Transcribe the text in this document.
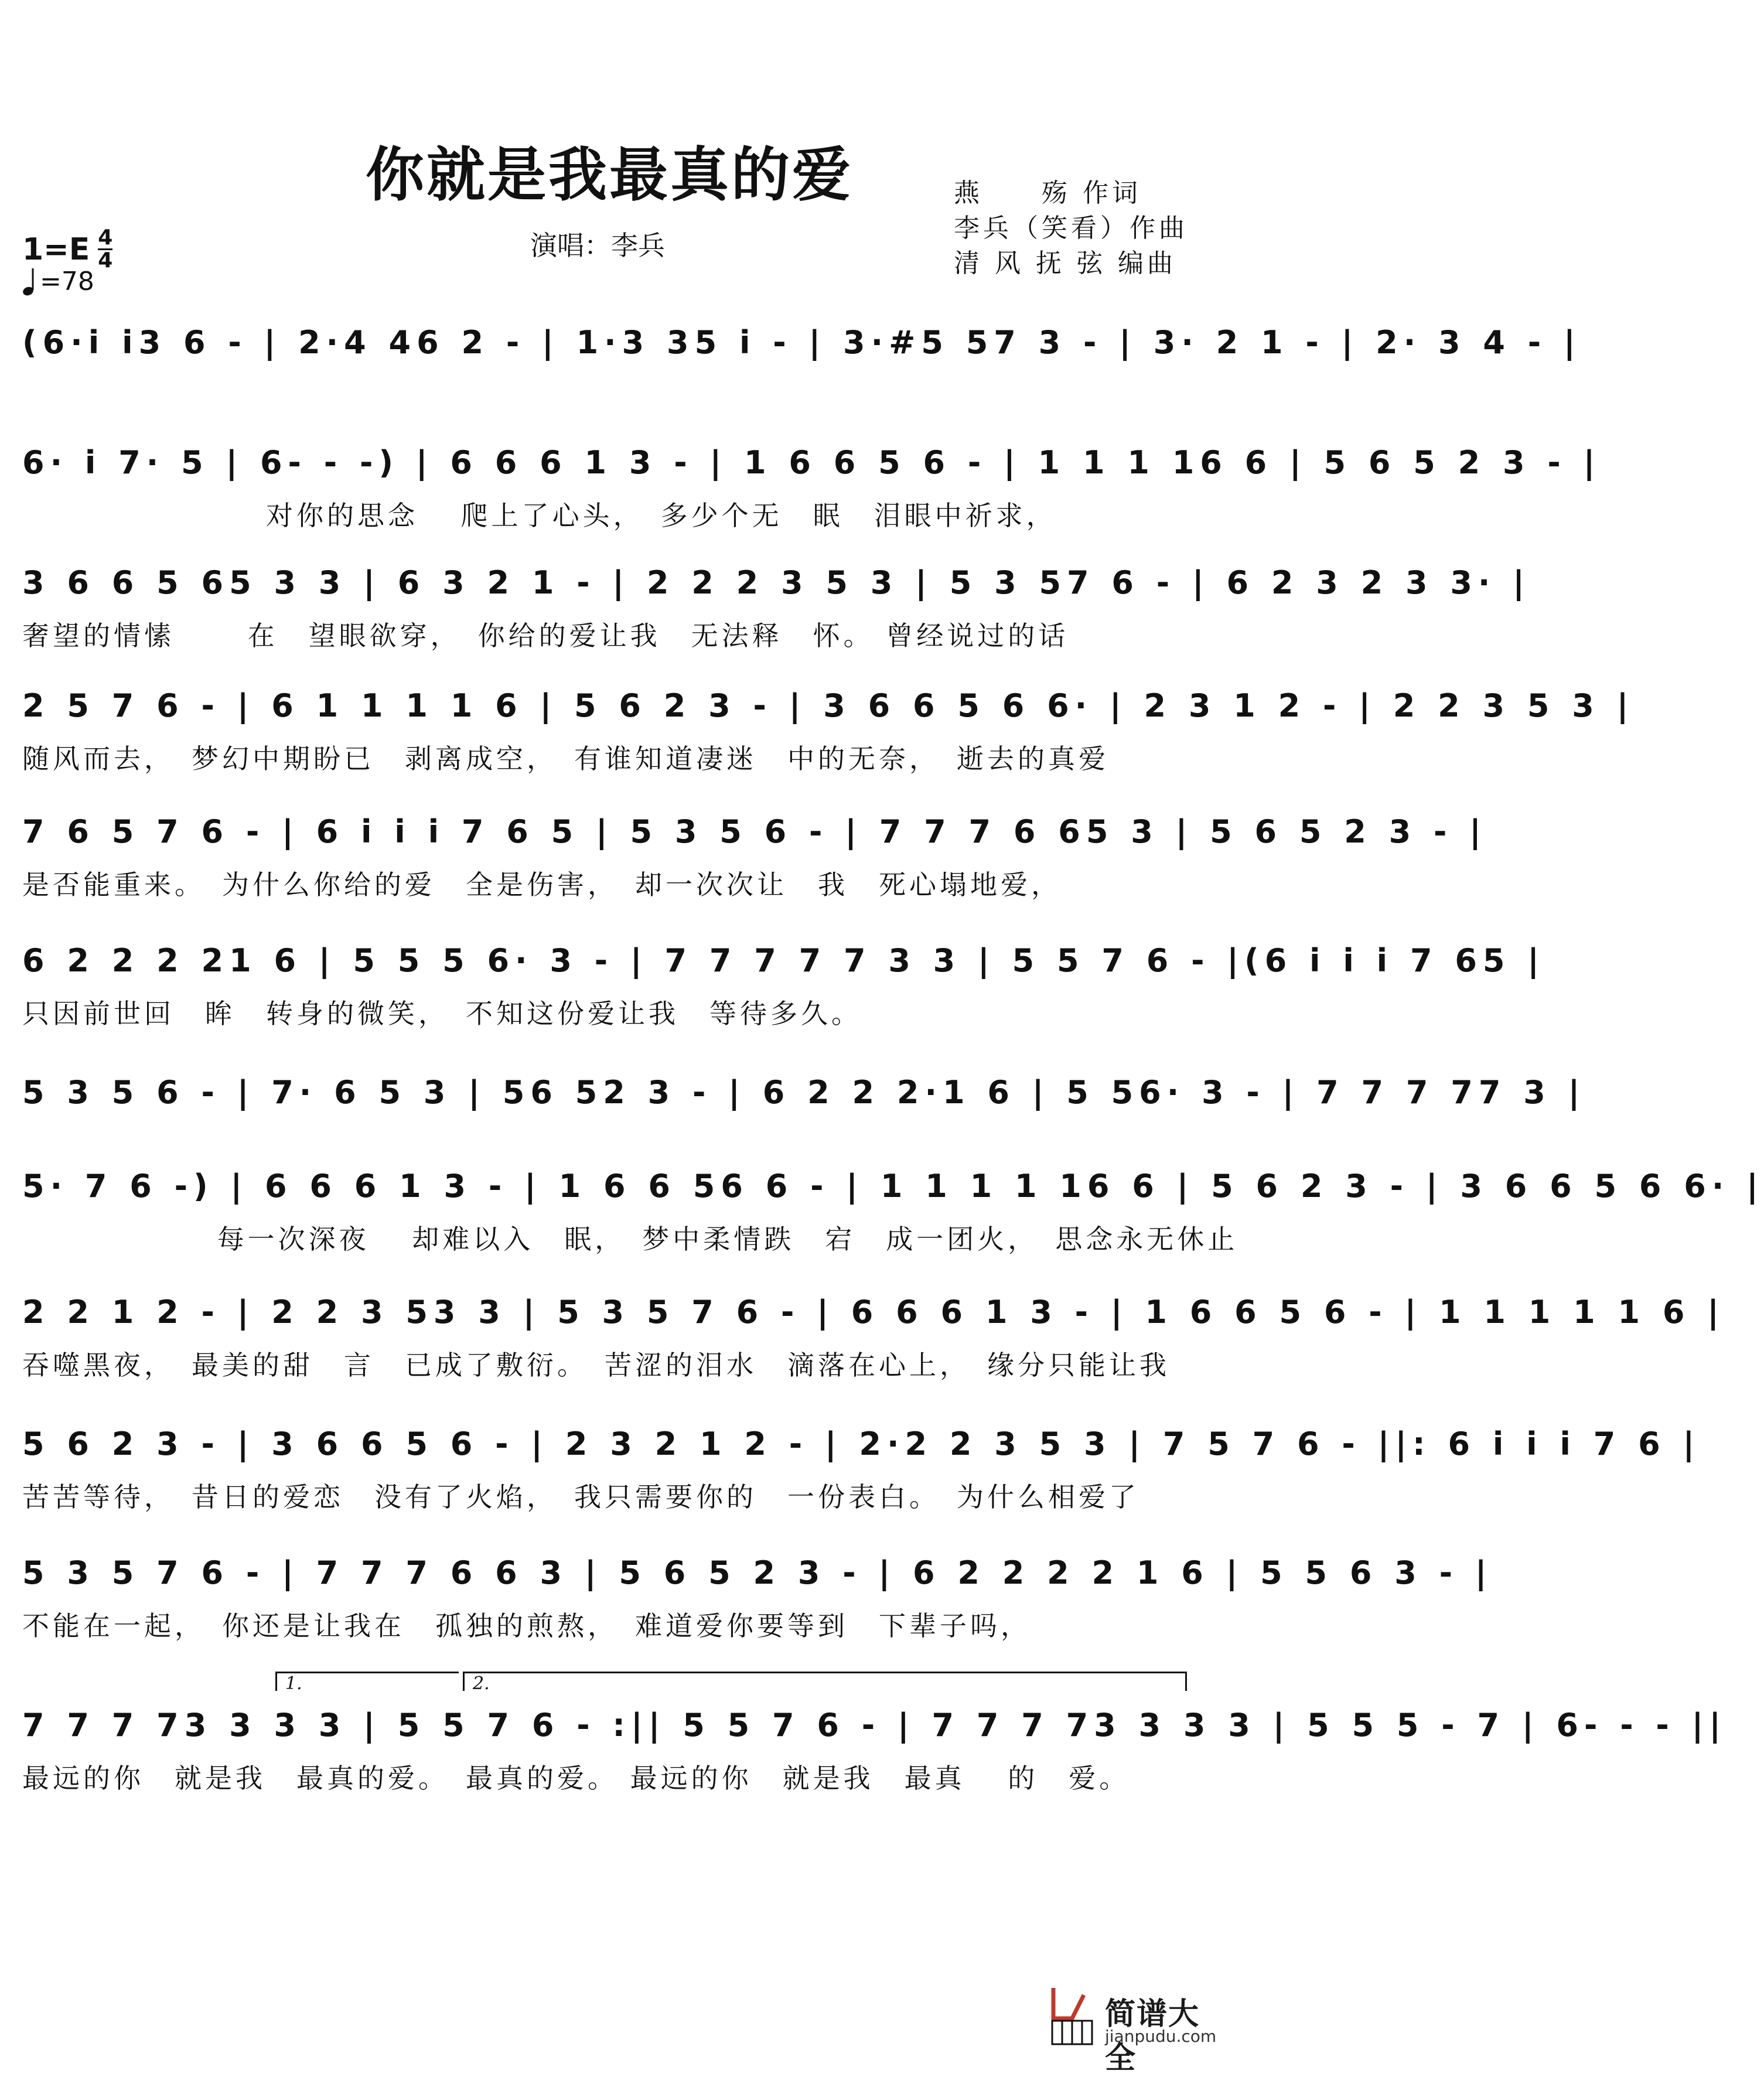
你就是我最真的爱	燕　　殇 作词
李兵（笑看）作曲
清 风 抚 弦 编曲
演唱：李兵
1=E 4
4
=78
(6·i i3 6 - | 2·4 46 2 - | 1·3 35 i - | 3·#5 57 3 - | 3· 2 1 - | 2· 3 4 - |
6· i 7· 5 | 6- - -) | 6 6 6 1 3 - | 1 6 6 5 6 - | 1 1 1 16 6 | 5 6 5 2 3 - |
　　　　　　　　对你的思念　 爬上了心头，　多少个无　眠　泪眼中祈求，
3 6 6 5 65 3 3 | 6 3 2 1 - | 2 2 2 3 5 3 | 5 3 57 6 - | 6 2 3 2 3 3· |
奢望的情愫　　 在　望眼欲穿，　你给的爱让我　无法释　怀。 曾经说过的话
2 5 7 6 - | 6 1 1 1 1 6 | 5 6 2 3 - | 3 6 6 5 6 6· | 2 3 1 2 - | 2 2 3 5 3 |
随风而去，　梦幻中期盼已　剥离成空，　有谁知道凄迷　中的无奈，　逝去的真爱
7 6 5 7 6 - | 6 i i i 7 6 5 | 5 3 5 6 - | 7 7 7 6 65 3 | 5 6 5 2 3 - |
是否能重来。　为什么你给的爱　全是伤害，　却一次次让　我　死心塌地爱，
6 2 2 2 21 6 | 5 5 5 6· 3 - | 7 7 7 7 7 3 3 | 5 5 7 6 - |(6 i i i 7 65 |
只因前世回　眸　转身的微笑，　不知这份爱让我　等待多久。
5 3 5 6 - | 7· 6 5 3 | 56 52 3 - | 6 2 2 2·1 6 | 5 56· 3 - | 7 7 7 77 3 |
5· 7 6 -) | 6 6 6 1 3 - | 1 6 6 56 6 - | 1 1 1 1 16 6 | 5 6 2 3 - | 3 6 6 5 6 6· |
　　　　　　 每一次深夜　 却难以入　眠，　梦中柔情跌　宕　成一团火，　思念永无休止
2 2 1 2 - | 2 2 3 53 3 | 5 3 5 7 6 - | 6 6 6 1 3 - | 1 6 6 5 6 - | 1 1 1 1 1 6 |
吞噬黑夜，　最美的甜　言　已成了敷衍。　苦涩的泪水　滴落在心上，　缘分只能让我
5 6 2 3 - | 3 6 6 5 6 - | 2 3 2 1 2 - | 2·2 2 3 5 3 | 7 5 7 6 - ||: 6 i i i 7 6 |
苦苦等待，　昔日的爱恋　没有了火焰，　我只需要你的　一份表白。　为什么相爱了
5 3 5 7 6 - | 7 7 7 6 6 3 | 5 6 5 2 3 - | 6 2 2 2 2 1 6 | 5 5 6 3 - |
不能在一起，　你还是让我在　孤独的煎熬，　难道爱你要等到　下辈子吗，
1.	2.
7 7 7 73 3 3 3 | 5 5 7 6 - :|| 5 5 7 6 - | 7 7 7 73 3 3 3 | 5 5 5 - 7 | 6- - - ||
最远的你　就是我　最真的爱。　最真的爱。 最远的你　就是我　最真　 的　爱。
简谱大全
jianpudu.com
